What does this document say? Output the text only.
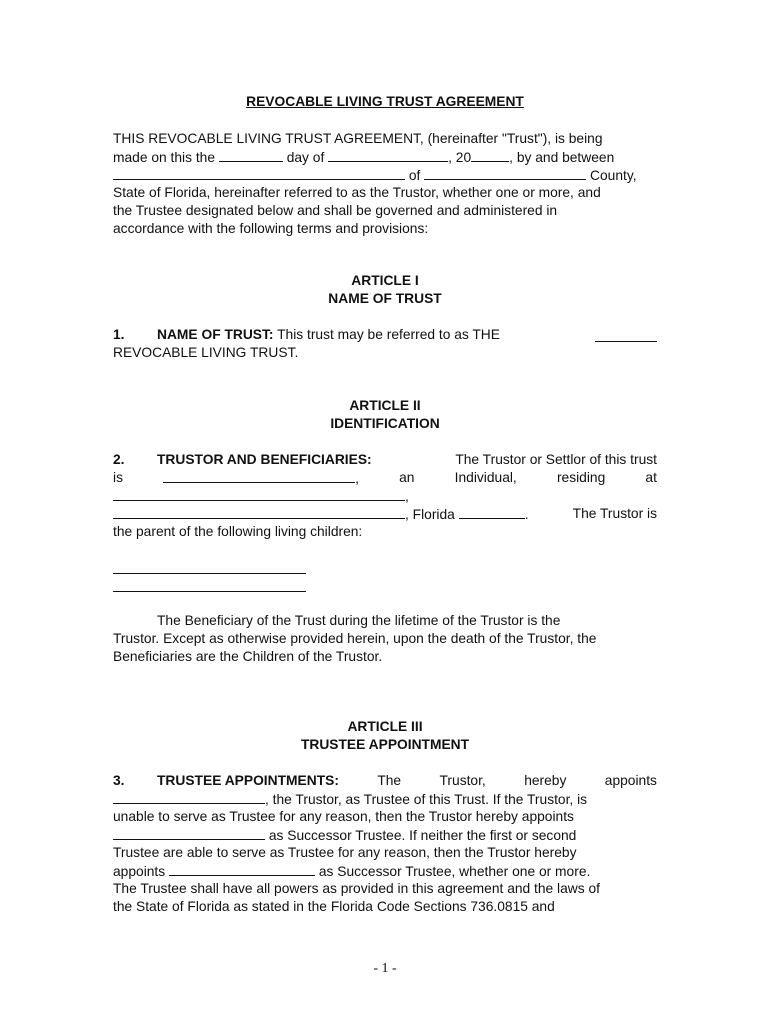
REVOCABLE LIVING TRUST AGREEMENT
THIS REVOCABLE LIVING TRUST AGREEMENT, (hereinafter "Trust"), is being
made on this the	day of	, 20	, by and between
of	County,
State of Florida, hereinafter referred to as the Trustor, whether one or more, and
the Trustee designated below and shall be governed and administered in
accordance with the following terms and provisions:
ARTICLE I
NAME OF TRUST
1. NAME OF TRUST: This trust may be referred to as THE
REVOCABLE LIVING TRUST.
ARTICLE II
IDENTIFICATION
2. TRUSTOR AND BENEFICIARIES:	The Trustor or Settlor of this trust
is	,	an	Individual,	residing	at
,
, Florida	.	The Trustor is
the parent of the following living children:
The Beneficiary of the Trust during the lifetime of the Trustor is the
Trustor. Except as otherwise provided herein, upon the death of the Trustor, the
Beneficiaries are the Children of the Trustor.
ARTICLE III
TRUSTEE APPOINTMENT
3. TRUSTEE APPOINTMENTS:	The	Trustor,	hereby	appoints
, the Trustor, as Trustee of this Trust. If the Trustor, is
unable to serve as Trustee for any reason, then the Trustor hereby appoints
as Successor Trustee. If neither the first or second
Trustee are able to serve as Trustee for any reason, then the Trustor hereby
appoints	as Successor Trustee, whether one or more.
The Trustee shall have all powers as provided in this agreement and the laws of
the State of Florida as stated in the Florida Code Sections 736.0815 and
- 1 -
